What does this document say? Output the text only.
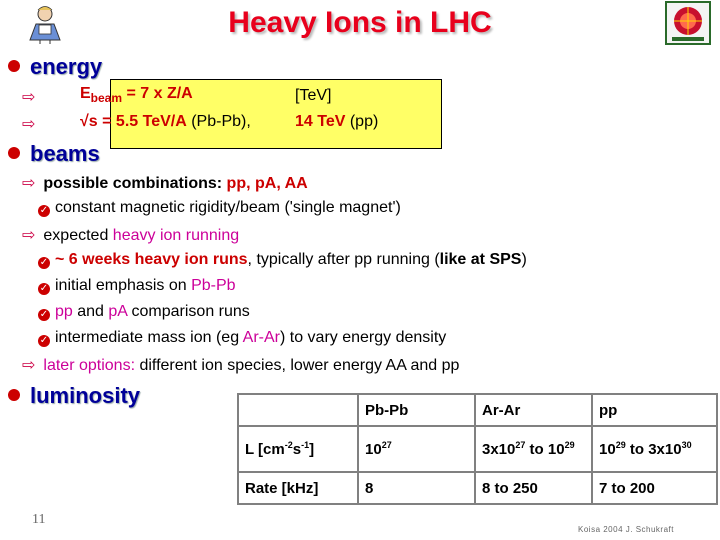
Heavy Ions in LHC
energy
⇨	$E_{beam} = 7$ x Z/A	[TeV]
⇨	√s = 5.5 TeV/A (Pb-Pb),	14 TeV (pp)
beams
⇨ possible combinations: pp, pA, AA
✓ constant magnetic rigidity/beam ('single magnet')
⇨ expected heavy ion running
✓ ~ 6 weeks heavy ion runs, typically after pp running (like at SPS)
✓ initial emphasis on Pb-Pb
✓ pp and pA comparison runs
✓ intermediate mass ion (eg Ar-Ar) to vary energy density
⇨ later options: different ion species, lower energy AA and pp
luminosity
	Pb-Pb	Ar-Ar	pp
L $[cm^{-2}s^{-1}]$	$10^{27}$	$3x10^{27}$ to $10^{29}$	$10^{29}$ to $3x10^{30}$
Rate [kHz]	8	8 to 250	7 to 200
11
Koisa 2004 J. Schukraft
